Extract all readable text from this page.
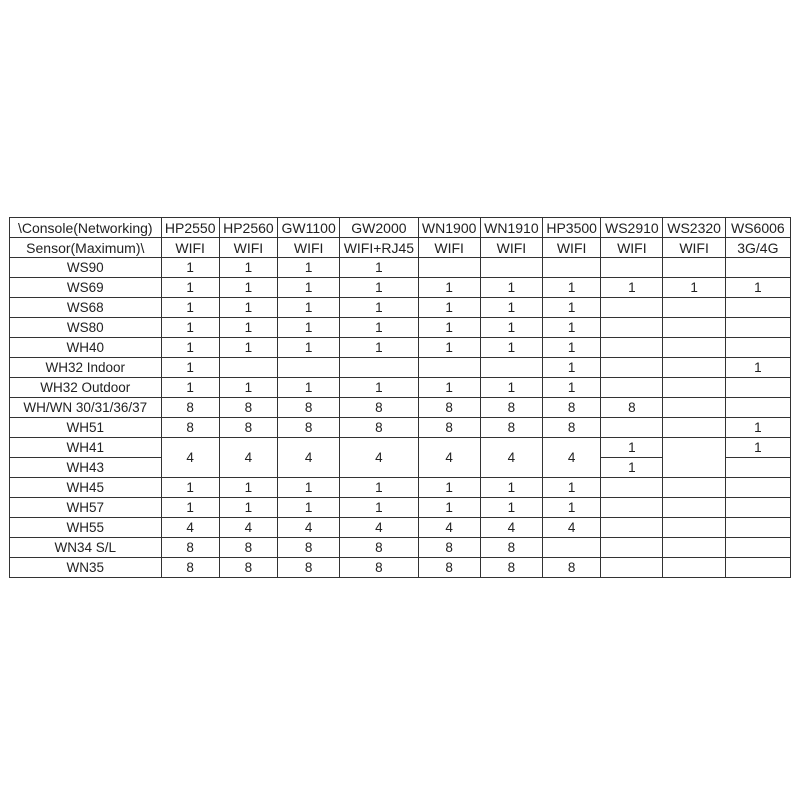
\Console(Networking)	HP2550	HP2560	GW1100	GW2000	WN1900	WN1910	HP3500	WS2910	WS2320	WS6006
Sensor(Maximum)\	WIFI	WIFI	WIFI	WIFI+RJ45	WIFI	WIFI	WIFI	WIFI	WIFI	3G/4G
WS90	1	1	1	1						
WS69	1	1	1	1	1	1	1	1	1	1
WS68	1	1	1	1	1	1	1			
WS80	1	1	1	1	1	1	1			
WH40	1	1	1	1	1	1	1			
WH32 Indoor	1						1			1
WH32 Outdoor	1	1	1	1	1	1	1			
WH/WN 30/31/36/37	8	8	8	8	8	8	8	8		
WH51	8	8	8	8	8	8	8			1
WH41	4	4	4	4	4	4	4	1		1
WH43								1		
WH45	1	1	1	1	1	1	1			
WH57	1	1	1	1	1	1	1			
WH55	4	4	4	4	4	4	4			
WN34 S/L	8	8	8	8	8	8				
WN35	8	8	8	8	8	8	8			
